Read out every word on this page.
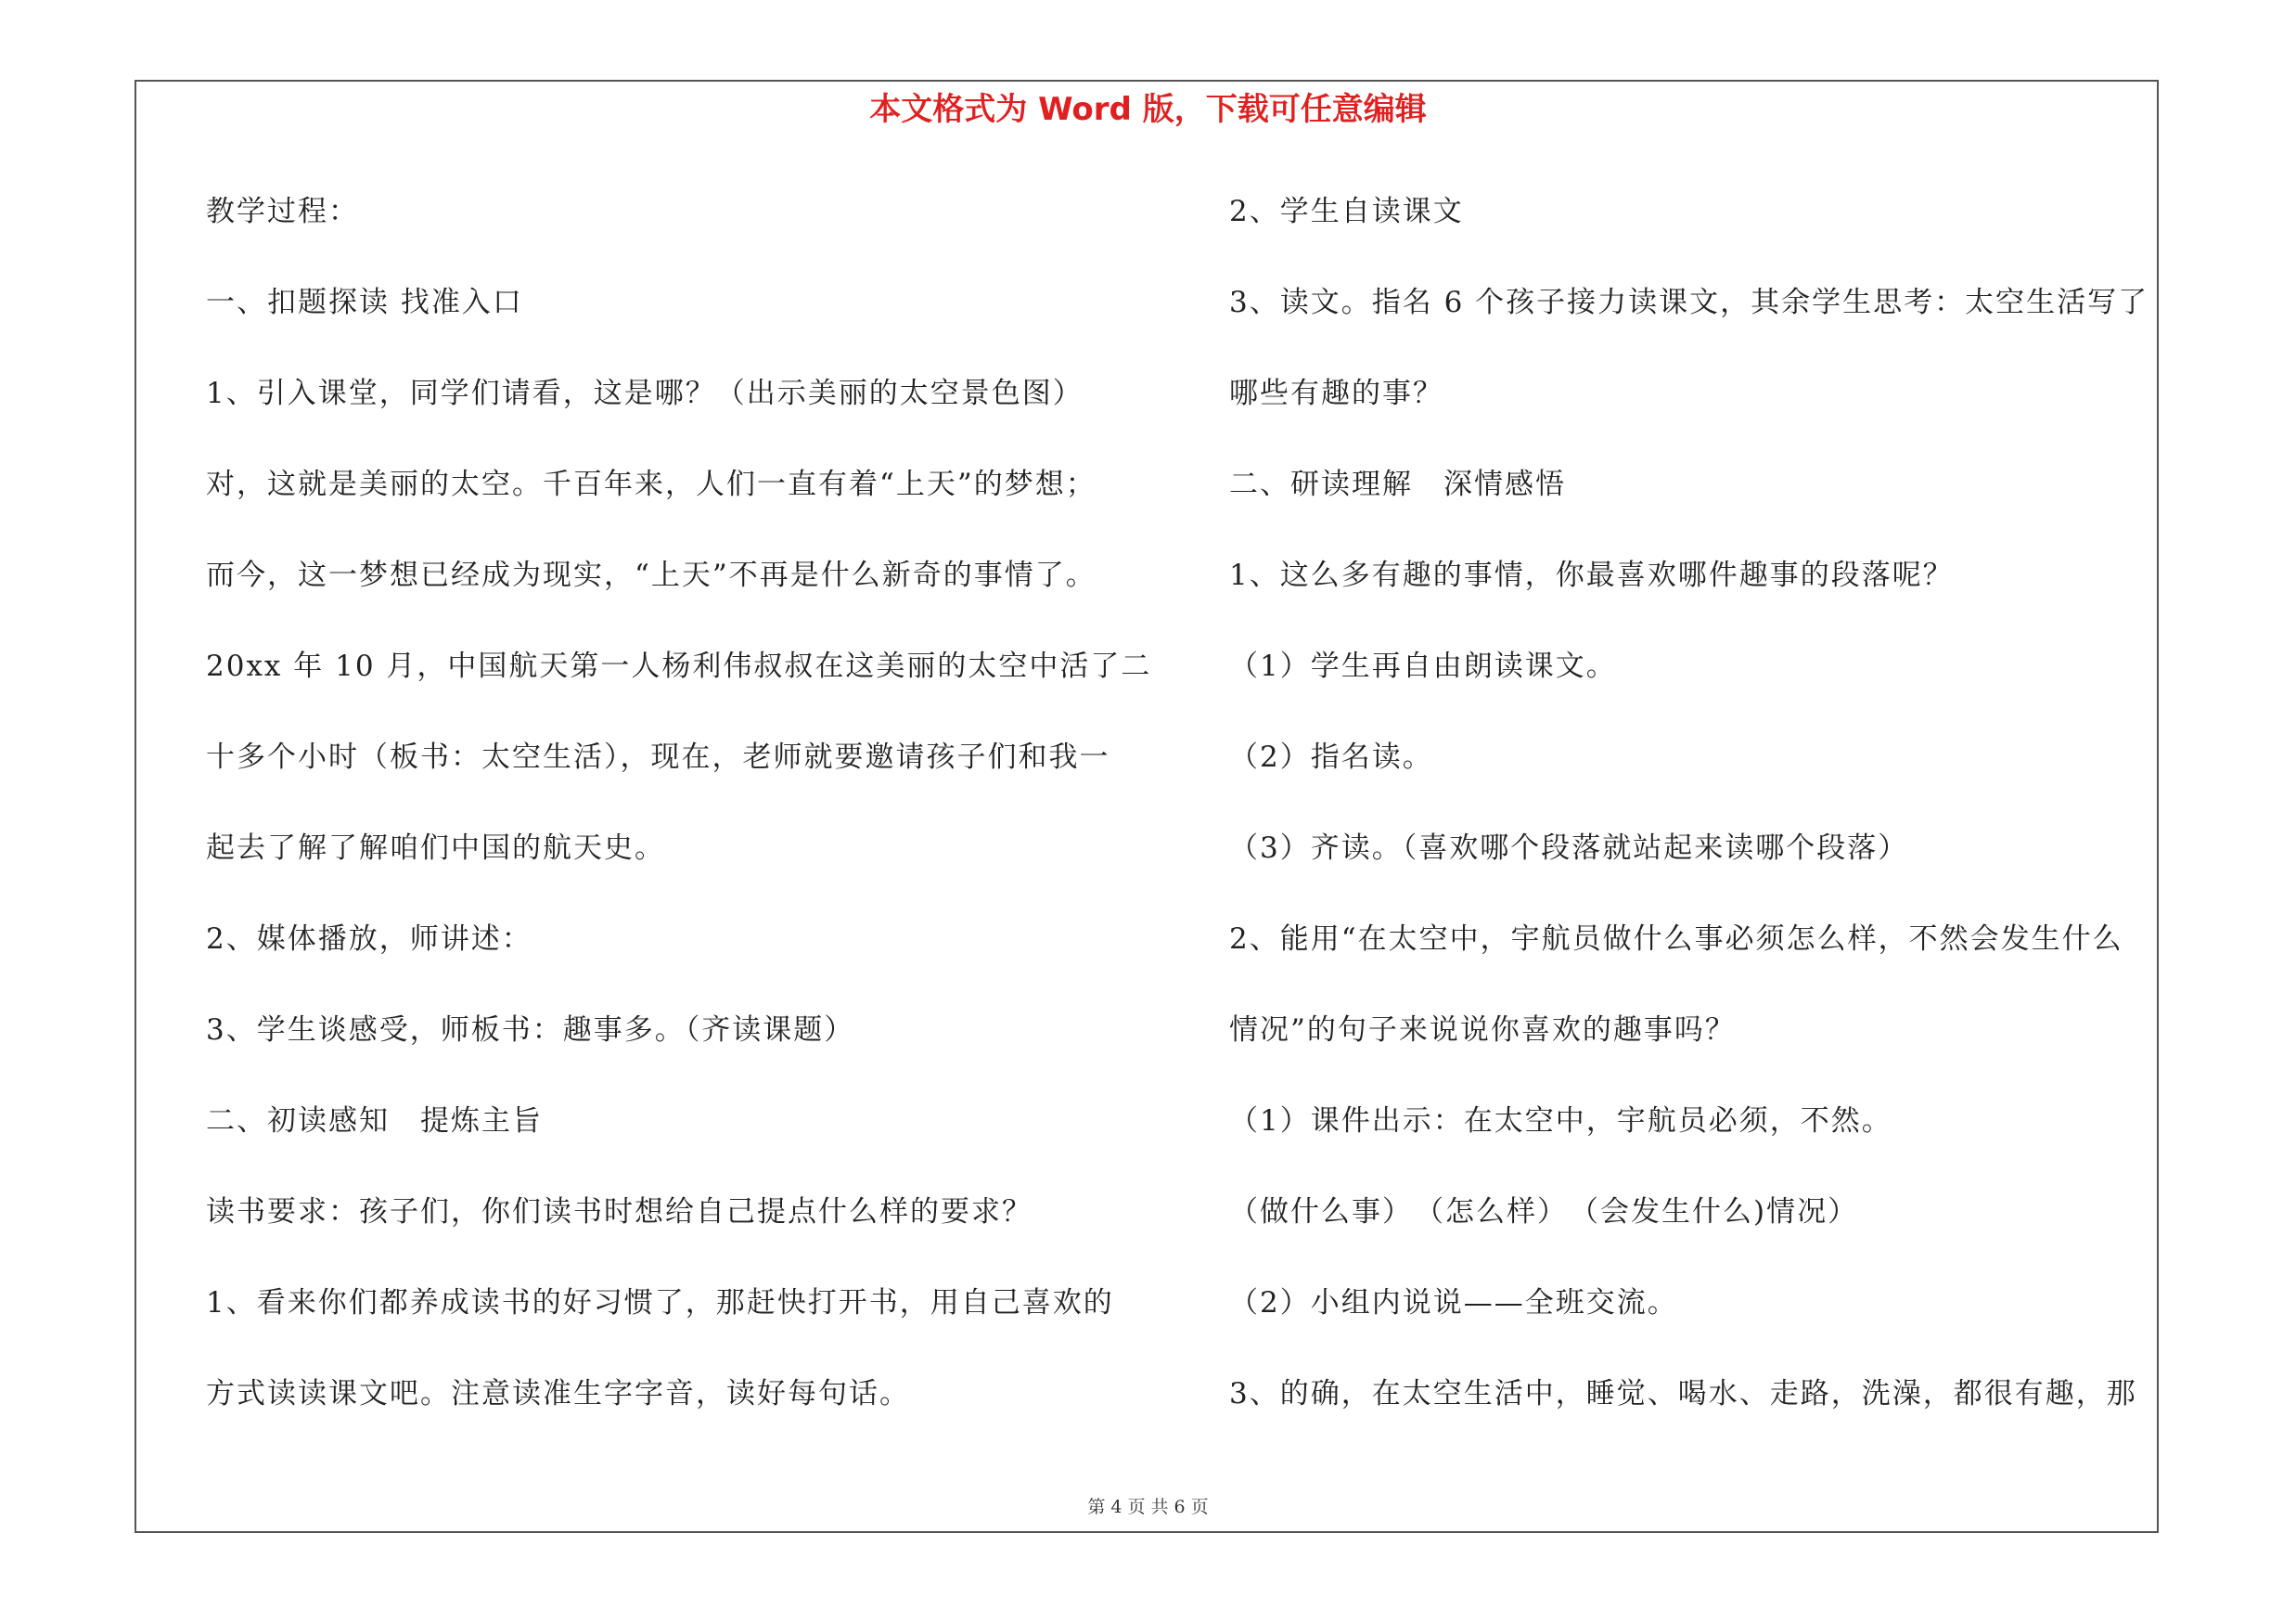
本文格式为 Word 版，下载可任意编辑
教学过程：
一、扣题探读 找准入口
1、引入课堂，同学们请看，这是哪？（出示美丽的太空景色图）
对，这就是美丽的太空。千百年来，人们一直有着“上天”的梦想；
而今，这一梦想已经成为现实，“上天”不再是什么新奇的事情了。
20xx 年 10 月，中国航天第一人杨利伟叔叔在这美丽的太空中活了二
十多个小时（板书：太空生活），现在，老师就要邀请孩子们和我一
起去了解了解咱们中国的航天史。
2、媒体播放，师讲述：
3、学生谈感受，师板书：趣事多。（齐读课题）
二、初读感知　提炼主旨
读书要求：孩子们，你们读书时想给自己提点什么样的要求？
1、看来你们都养成读书的好习惯了，那赶快打开书，用自己喜欢的
方式读读课文吧。注意读准生字字音，读好每句话。
2、学生自读课文
3、读文。指名 6 个孩子接力读课文，其余学生思考：太空生活写了
哪些有趣的事？
二、研读理解　深情感悟
1、这么多有趣的事情，你最喜欢哪件趣事的段落呢？
（1）学生再自由朗读课文。
（2）指名读。
（3）齐读。（喜欢哪个段落就站起来读哪个段落）
2、能用“在太空中，宇航员做什么事必须怎么样，不然会发生什么
情况”的句子来说说你喜欢的趣事吗？
（1）课件出示：在太空中，宇航员必须，不然。
（做什么事）　（怎么样）　（会发生什么)情况）
（2）小组内说说——全班交流。
3、的确，在太空生活中，睡觉、喝水、走路，洗澡，都很有趣，那
第 4 页 共 6 页
